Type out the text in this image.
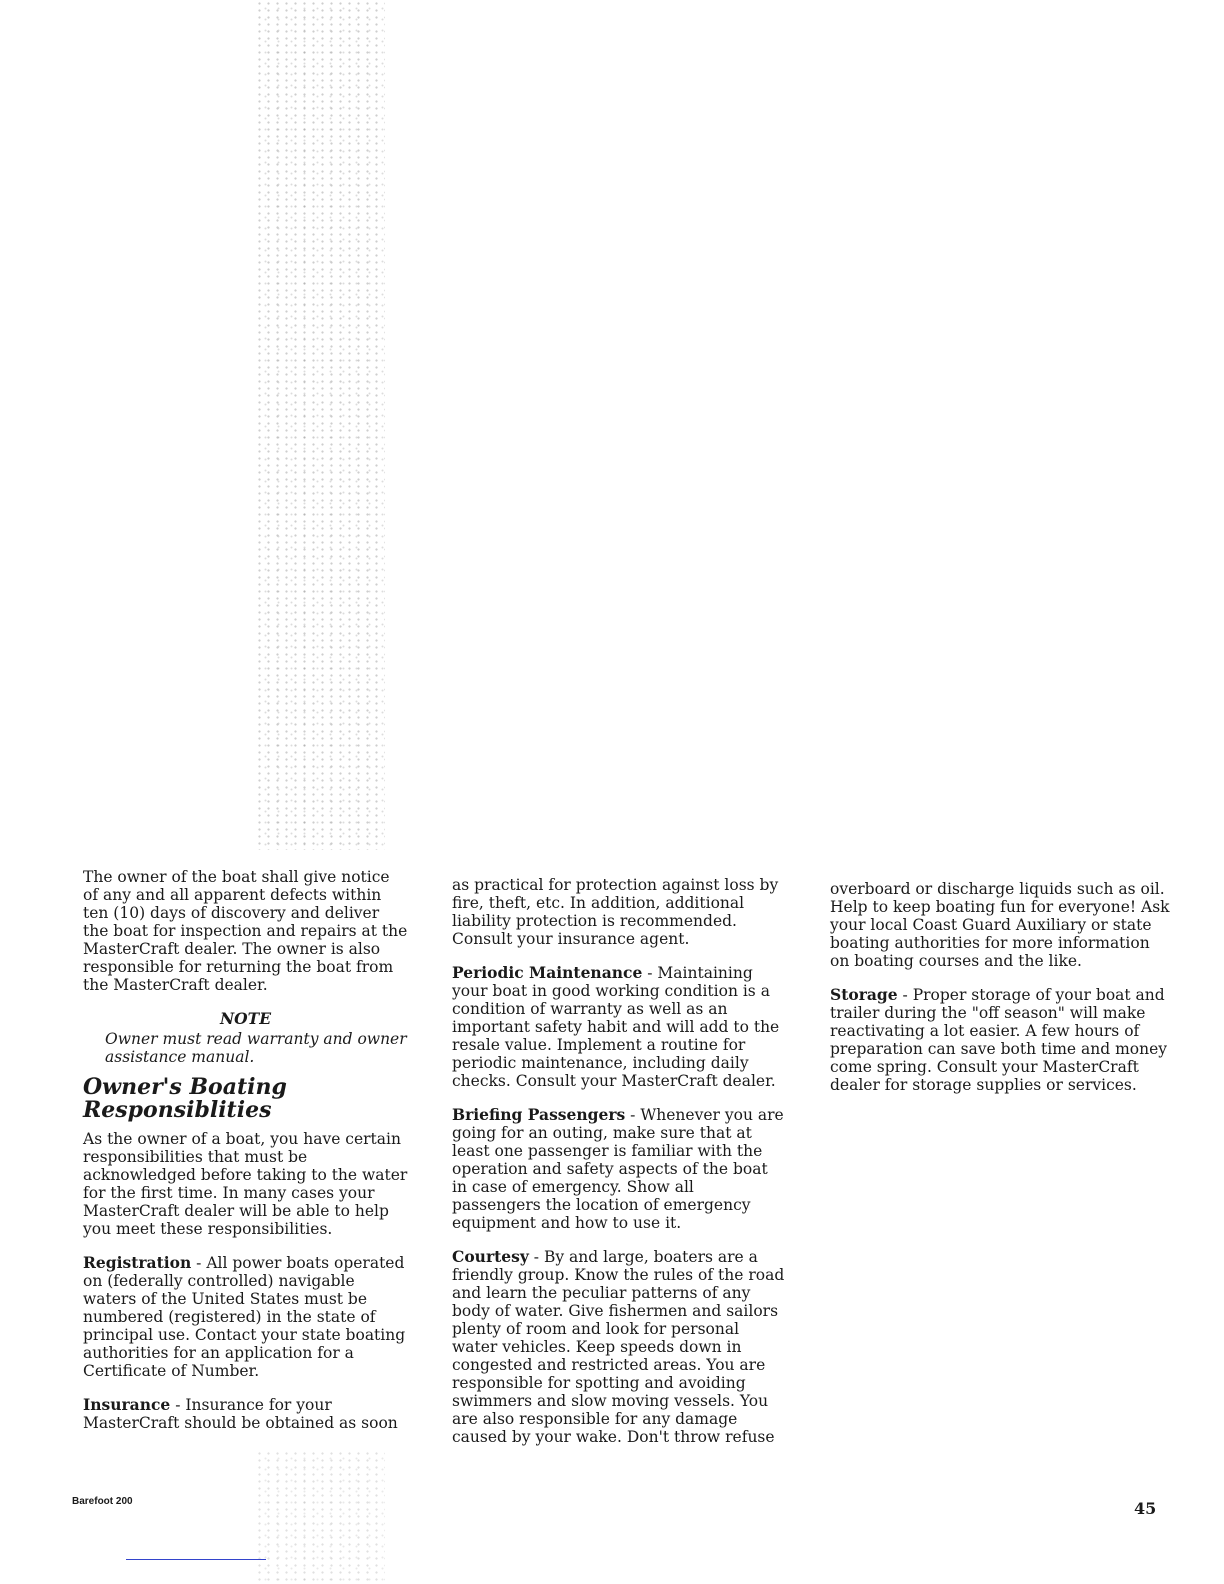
The owner of the boat shall give notice of any and all apparent defects within ten (10) days of discovery and deliver the boat for inspection and repairs at the MasterCraft dealer. The owner is also responsible for returning the boat from the MasterCraft dealer.

NOTE
Owner must read warranty and owner assistance manual.
Owner's Boating Responsiblities

As the owner of a boat, you have certain responsibilities that must be acknowledged before taking to the water for the first time. In many cases your MasterCraft dealer will be able to help you meet these responsibilities.

Registration - All power boats operated on (federally controlled) navigable waters of the United States must be numbered (registered) in the state of principal use. Contact your state boating authorities for an application for a Certificate of Number.

Insurance - Insurance for your MasterCraft should be obtained as soon

as practical for protection against loss by fire, theft, etc. In addition, additional liability protection is recommended. Consult your insurance agent.

Periodic Maintenance - Maintaining your boat in good working condition is a condition of warranty as well as an important safety habit and will add to the resale value. Implement a routine for periodic maintenance, including daily checks. Consult your MasterCraft dealer.

Briefing Passengers - Whenever you are going for an outing, make sure that at least one passenger is familiar with the operation and safety aspects of the boat in case of emergency. Show all passengers the location of emergency equipment and how to use it.

Courtesy - By and large, boaters are a friendly group. Know the rules of the road and learn the peculiar patterns of any body of water. Give fishermen and sailors plenty of room and look for personal water vehicles. Keep speeds down in congested and restricted areas. You are responsible for spotting and avoiding swimmers and slow moving vessels. You are also responsible for any damage caused by your wake. Don't throw refuse

overboard or discharge liquids such as oil. Help to keep boating fun for everyone! Ask your local Coast Guard Auxiliary or state boating authorities for more information on boating courses and the like.

Storage - Proper storage of your boat and trailer during the "off season" will make reactivating a lot easier. A few hours of preparation can save both time and money come spring. Consult your MasterCraft dealer for storage supplies or services.

Barefoot 200	45
